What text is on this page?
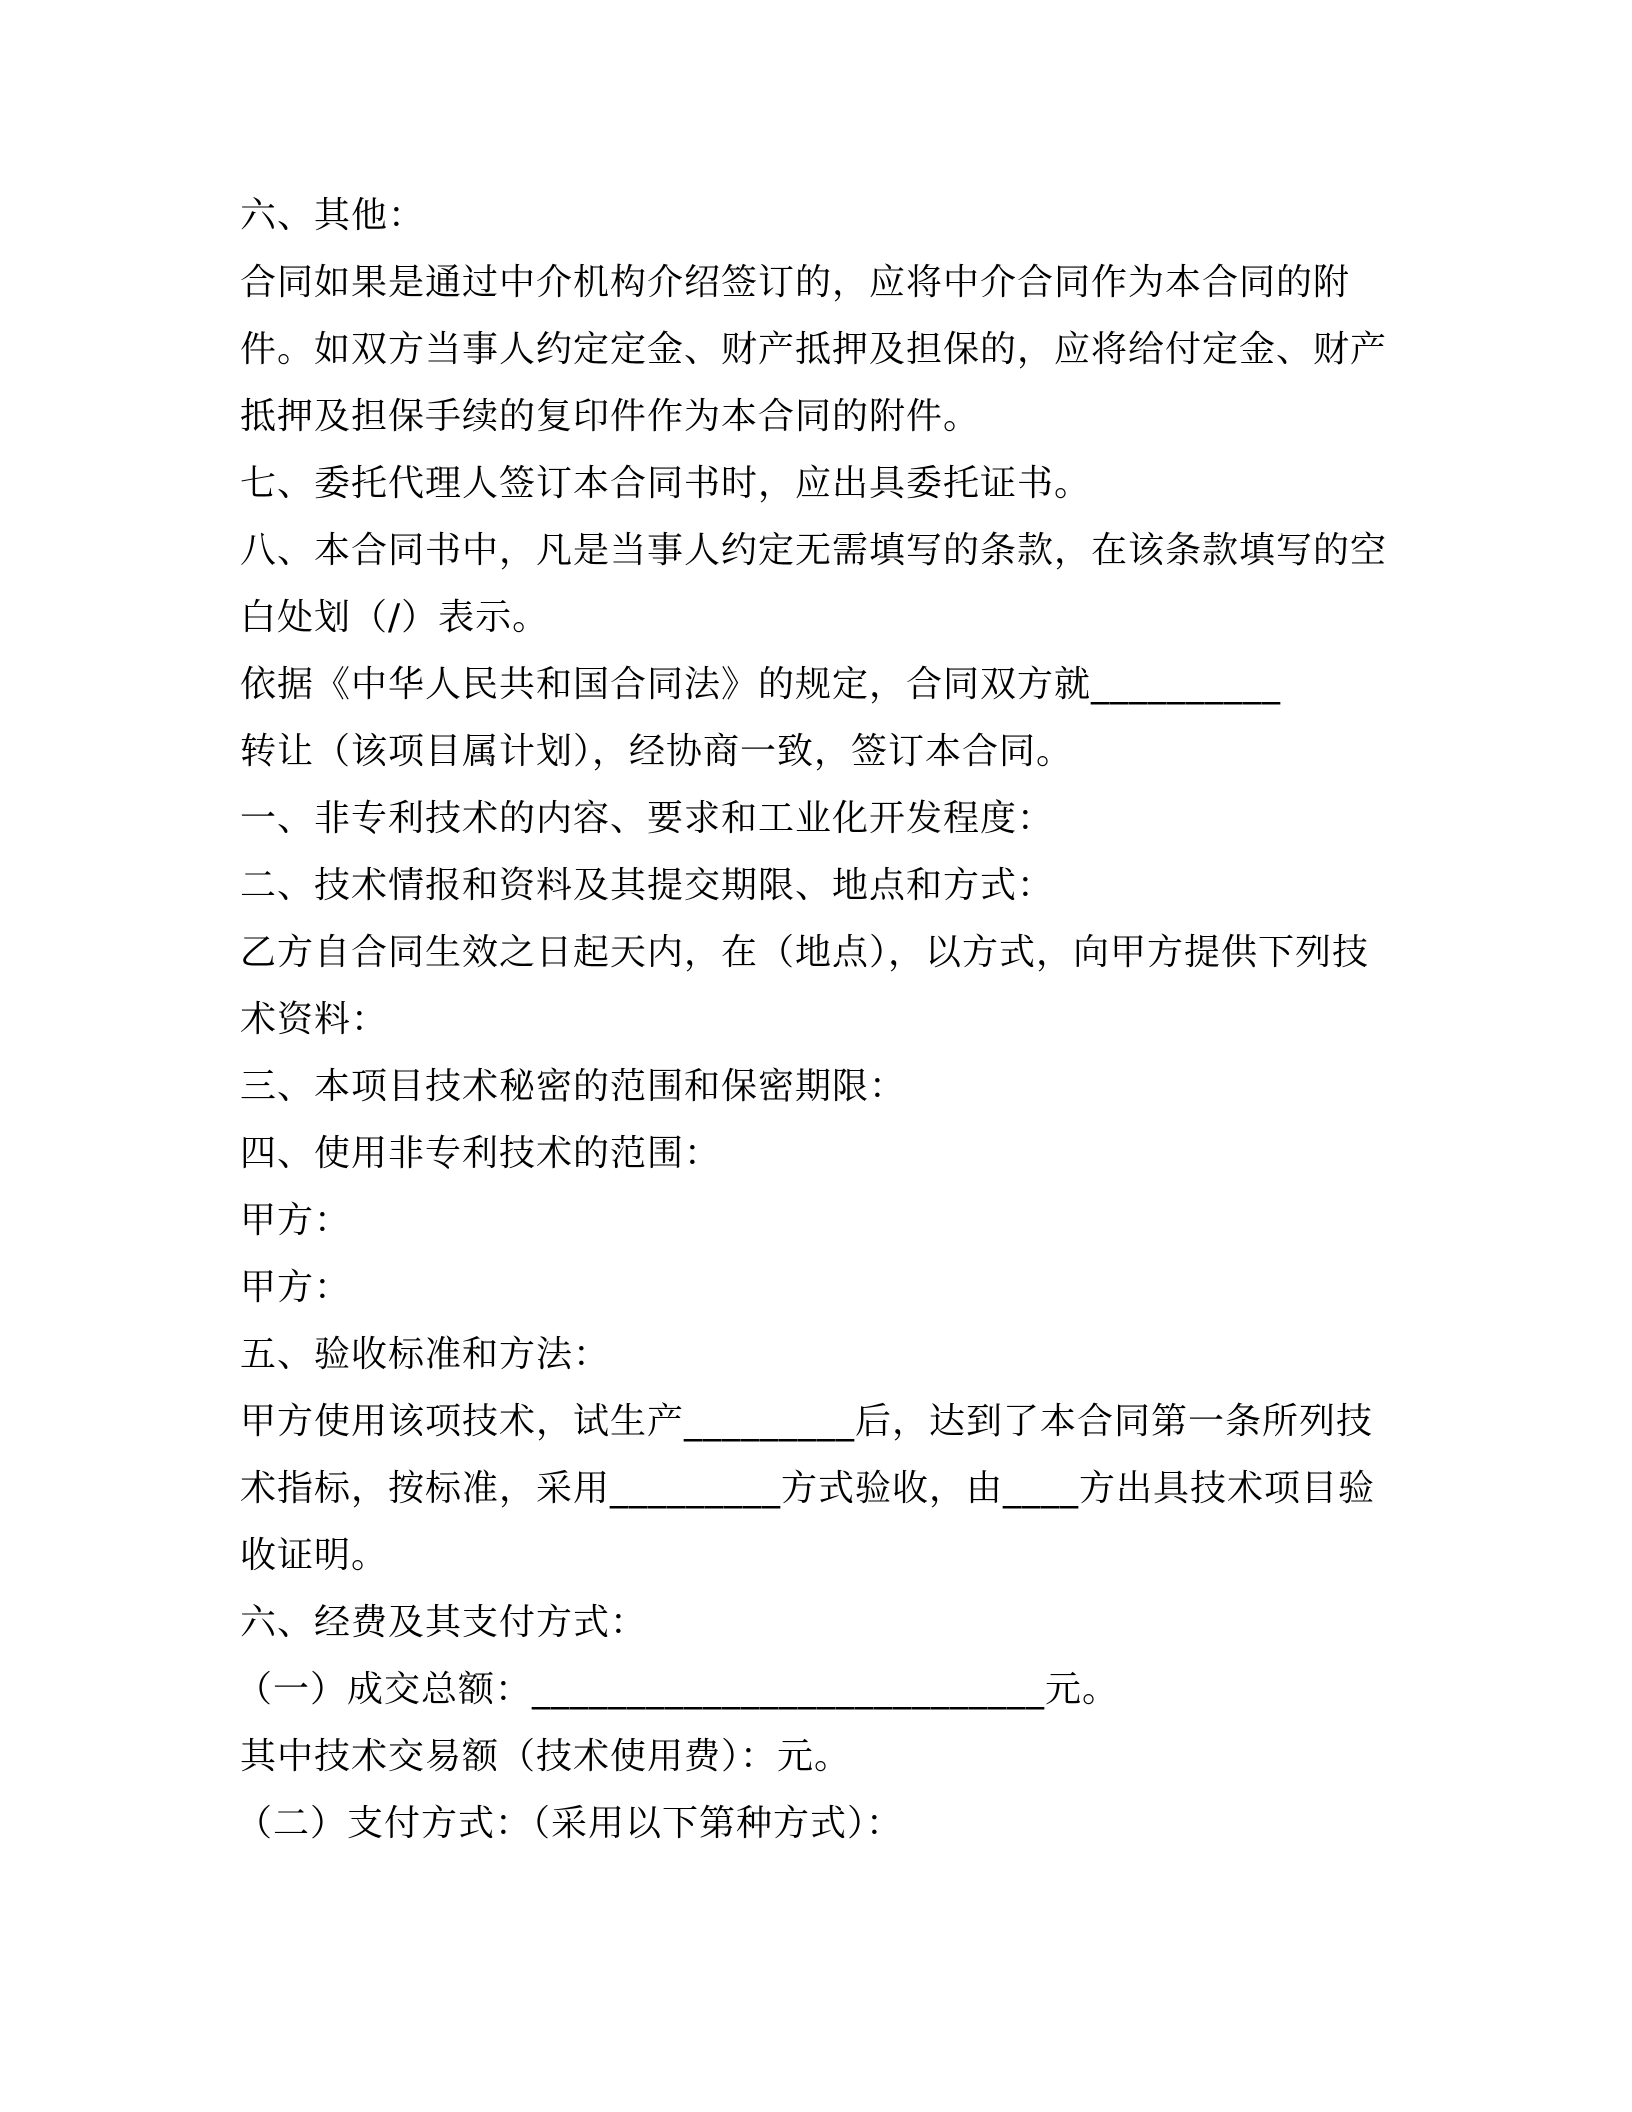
六、其他：

合同如果是通过中介机构介绍签订的，应将中介合同作为本合同的附件。如双方当事人约定定金、财产抵押及担保的，应将给付定金、财产抵押及担保手续的复印件作为本合同的附件。

七、委托代理人签订本合同书时，应出具委托证书。

八、本合同书中，凡是当事人约定无需填写的条款，在该条款填写的空白处划（/）表示。

依据《中华人民共和国合同法》的规定，合同双方就__________

转让（该项目属计划），经协商一致，签订本合同。

一、非专利技术的内容、要求和工业化开发程度：

二、技术情报和资料及其提交期限、地点和方式：

乙方自合同生效之日起天内，在（地点），以方式，向甲方提供下列技术资料：

三、本项目技术秘密的范围和保密期限：

四、使用非专利技术的范围：

甲方：

甲方：

五、验收标准和方法：

甲方使用该项技术，试生产_________后，达到了本合同第一条所列技术指标，按标准，采用_________方式验收，由____方出具技术项目验收证明。

六、经费及其支付方式：

（一）成交总额：___________________________元。

其中技术交易额（技术使用费）：元。

（二）支付方式：（采用以下第种方式）：
